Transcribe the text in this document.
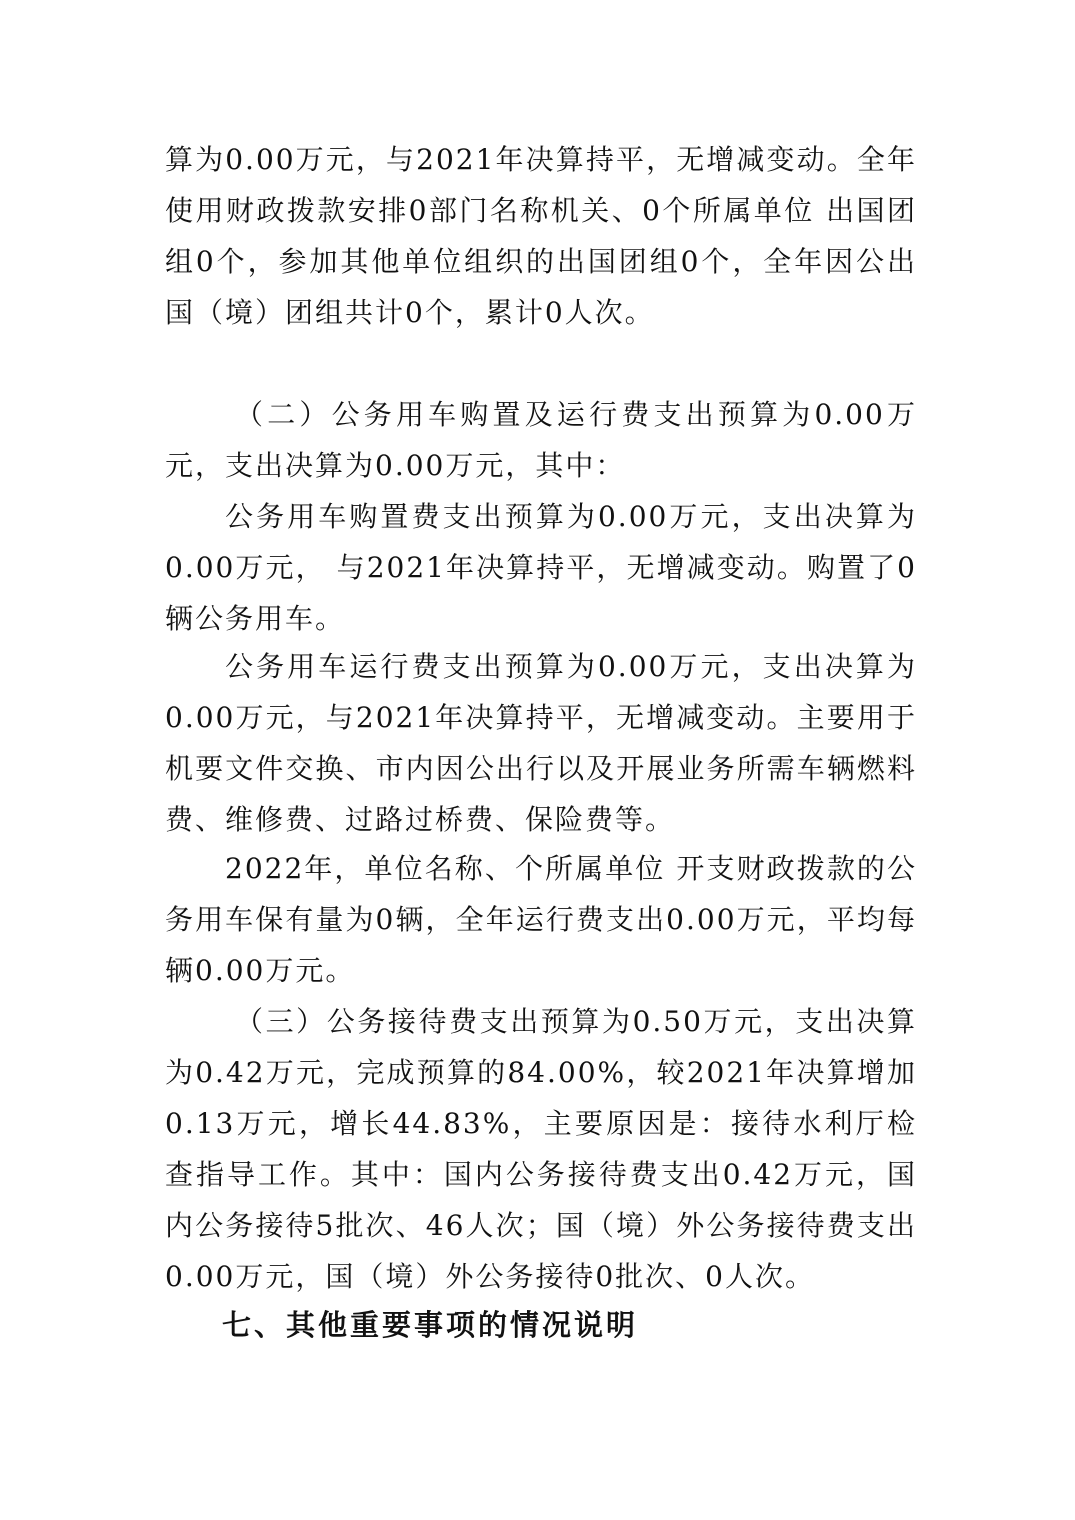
算为0.00万元，与2021年决算持平，无增减变动。全年使用财政拨款安排0部门名称机关、0个所属单位 出国团组0个，参加其他单位组织的出国团组0个，全年因公出国（境）团组共计0个，累计0人次。

（二）公务用车购置及运行费支出预算为0.00万元，支出决算为0.00万元，其中：

公务用车购置费支出预算为0.00万元，支出决算为0.00万元， 与2021年决算持平，无增减变动。购置了0辆公务用车。

公务用车运行费支出预算为0.00万元，支出决算为0.00万元，与2021年决算持平，无增减变动。主要用于机要文件交换、市内因公出行以及开展业务所需车辆燃料费、维修费、过路过桥费、保险费等。

2022年，单位名称、个所属单位 开支财政拨款的公务用车保有量为0辆，全年运行费支出0.00万元，平均每辆0.00万元。

（三）公务接待费支出预算为0.50万元，支出决算为0.42万元，完成预算的84.00%，较2021年决算增加0.13万元，增长44.83%，主要原因是：接待水利厅检查指导工作。其中：国内公务接待费支出0.42万元，国内公务接待5批次、46人次；国（境）外公务接待费支出0.00万元，国（境）外公务接待0批次、0人次。

七、其他重要事项的情况说明
